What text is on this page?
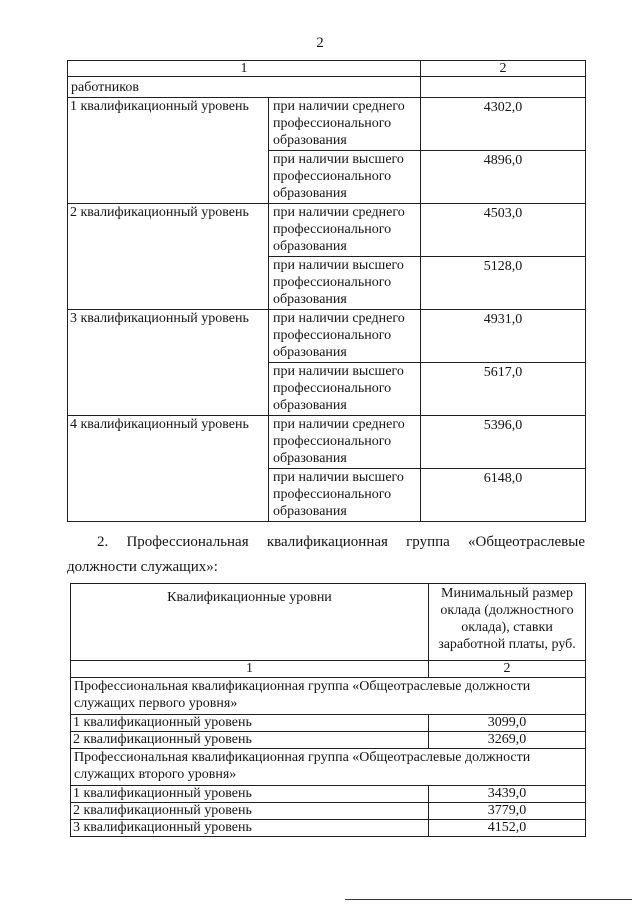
2
1		2
работников		
1 квалификационный уровень	при наличии среднего
профессионального
образования	4302,0
	при наличии высшего
профессионального
образования	4896,0
2 квалификационный уровень	при наличии среднего
профессионального
образования	4503,0
	при наличии высшего
профессионального
образования	5128,0
3 квалификационный уровень	при наличии среднего
профессионального
образования	4931,0
	при наличии высшего
профессионального
образования	5617,0
4 квалификационный уровень	при наличии среднего
профессионального
образования	5396,0
	при наличии высшего
профессионального
образования	6148,0
2. Профессиональная квалификационная группа «Общеотраслевые
должности служащих»:
Квалификационные уровни	Минимальный размер
оклада (должностного
оклада), ставки
заработной платы, руб.
1	2
Профессиональная квалификационная группа «Общеотраслевые должности
служащих первого уровня»	
1 квалификационный уровень	3099,0
2 квалификационный уровень	3269,0
Профессиональная квалификационная группа «Общеотраслевые должности
служащих второго уровня»	
1 квалификационный уровень	3439,0
2 квалификационный уровень	3779,0
3 квалификационный уровень	4152,0
